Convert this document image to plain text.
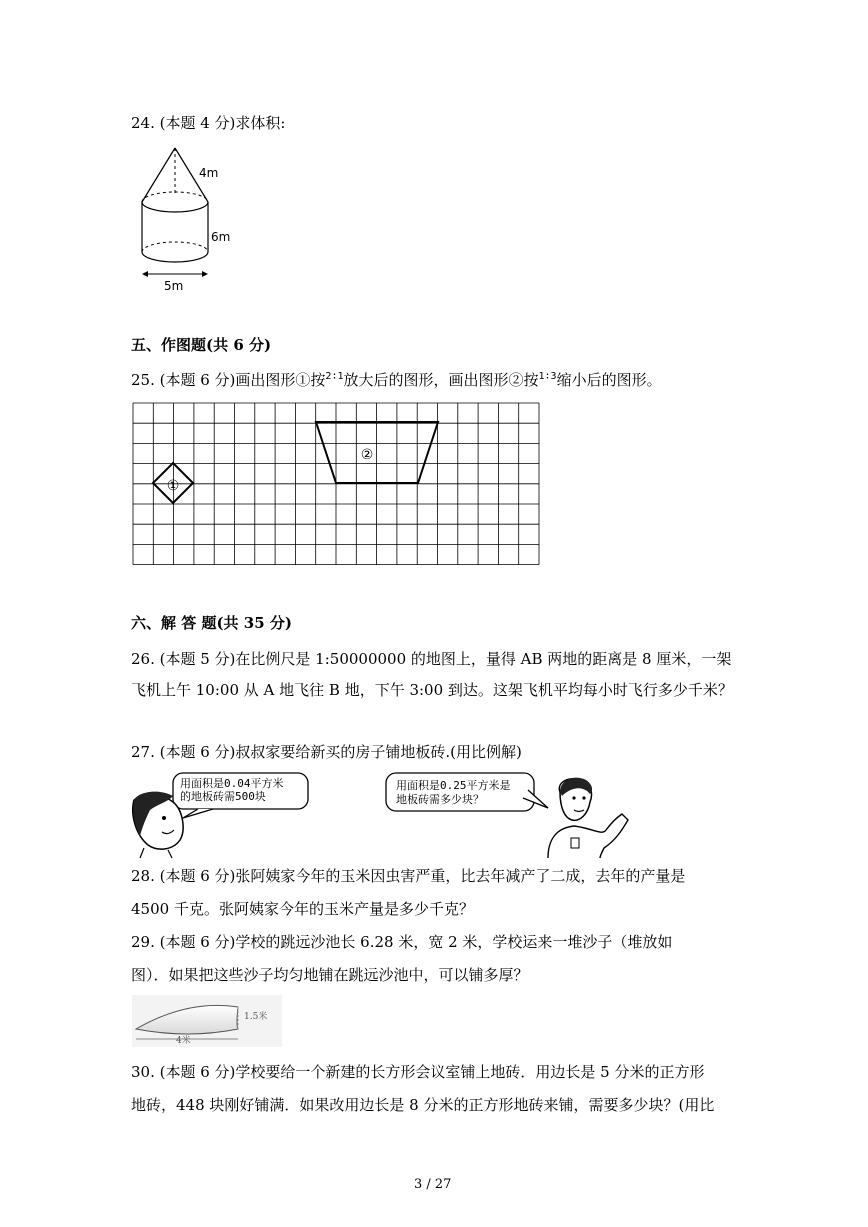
24. (本题 4 分)求体积:
4m
6m
5m
五、作图题(共 6 分)
25. (本题 6 分)画出图形①按$^{2∶1}$放大后的图形，画出图形②按$^{1∶3}$缩小后的图形。
①
②
六、解 答 题(共 35 分)
26. (本题 5 分)在比例尺是 1:50000000 的地图上，量得 AB 两地的距离是 8 厘米，一架
飞机上午 10:00 从 A 地飞往 B 地，下午 3:00 到达。这架飞机平均每小时飞行多少千米？
27. (本题 6 分)叔叔家要给新买的房子铺地板砖.(用比例解)
用面积是0.04平方米
的地板砖需500块
用面积是0.25平方米是
地板砖需多少块？
28. (本题 6 分)张阿姨家今年的玉米因虫害严重，比去年减产了二成，去年的产量是
4500 千克。张阿姨家今年的玉米产量是多少千克？
29. (本题 6 分)学校的跳远沙池长 6.28 米，宽 2 米，学校运来一堆沙子（堆放如
图）．如果把这些沙子均匀地铺在跳远沙池中，可以铺多厚？
4米
1.5米
30. (本题 6 分)学校要给一个新建的长方形会议室铺上地砖．用边长是 5 分米的正方形
地砖，448 块刚好铺满．如果改用边长是 8 分米的正方形地砖来铺，需要多少块？(用比
3 / 27
